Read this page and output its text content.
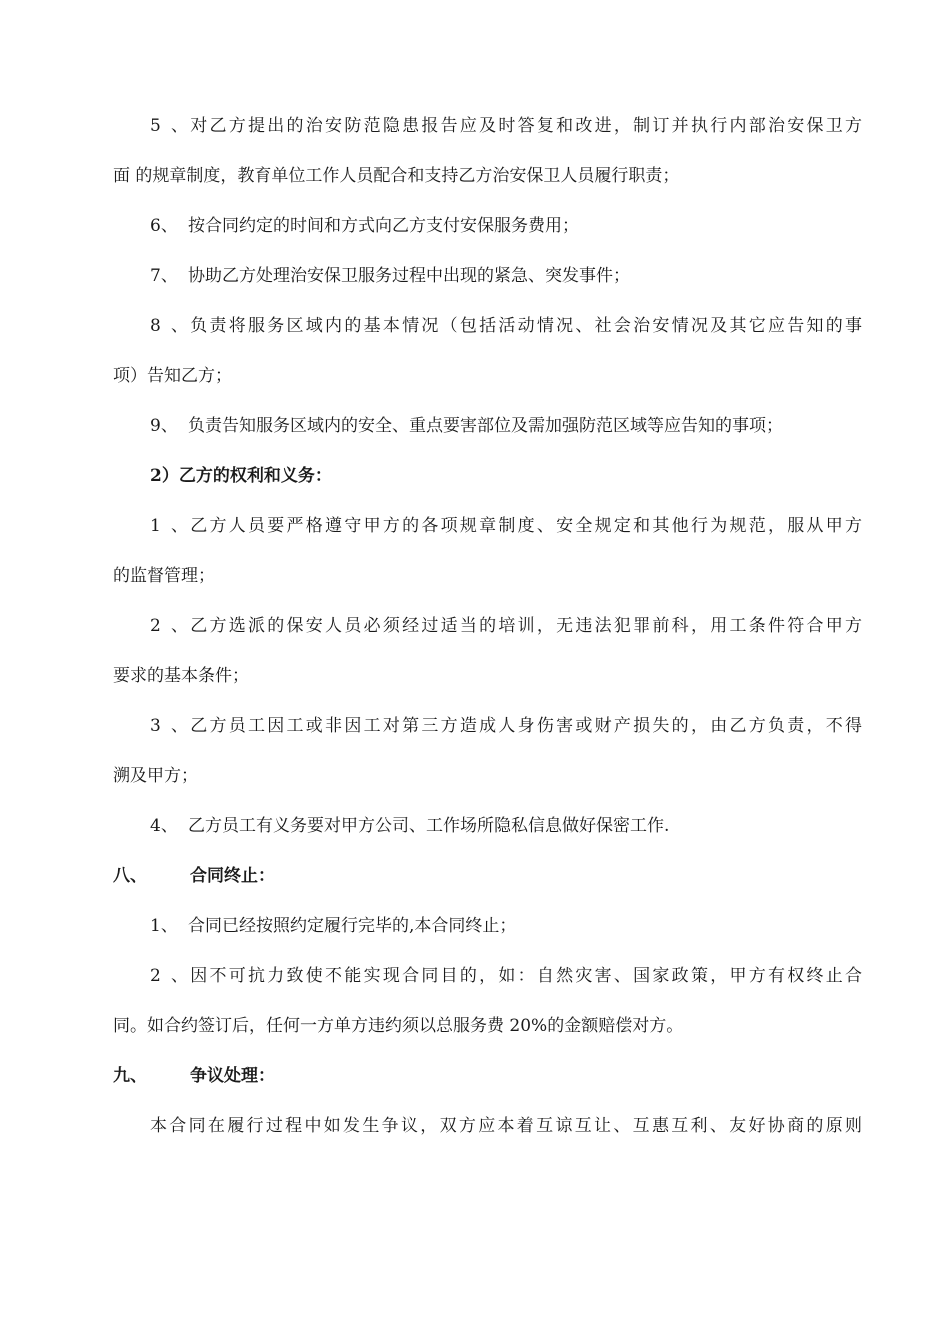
5、对乙方提出的治安防范隐患报告应及时答复和改进，制订并执行内部治安保卫方

面 的规章制度，教育单位工作人员配合和支持乙方治安保卫人员履行职责；

6、 按合同约定的时间和方式向乙方支付安保服务费用；

7、 协助乙方处理治安保卫服务过程中出现的紧急、突发事件；

8、负责将服务区域内的基本情况（包括活动情况、社会治安情况及其它应告知的事

项）告知乙方；

9、 负责告知服务区域内的安全、重点要害部位及需加强防范区域等应告知的事项；

2）乙方的权利和义务：

1、乙方人员要严格遵守甲方的各项规章制度、安全规定和其他行为规范，服从甲方

的监督管理；

2、乙方选派的保安人员必须经过适当的培训，无违法犯罪前科，用工条件符合甲方

要求的基本条件；

3、乙方员工因工或非因工对第三方造成人身伤害或财产损失的，由乙方负责，不得

溯及甲方；

4、 乙方员工有义务要对甲方公司、工作场所隐私信息做好保密工作.

八、	合同终止：

1、 合同已经按照约定履行完毕的,本合同终止；

2、因不可抗力致使不能实现合同目的，如：自然灾害、国家政策，甲方有权终止合

同。如合约签订后，任何一方单方违约须以总服务费 20%的金额赔偿对方。

九、	争议处理：

本合同在履行过程中如发生争议，双方应本着互谅互让、互惠互利、友好协商的原则
